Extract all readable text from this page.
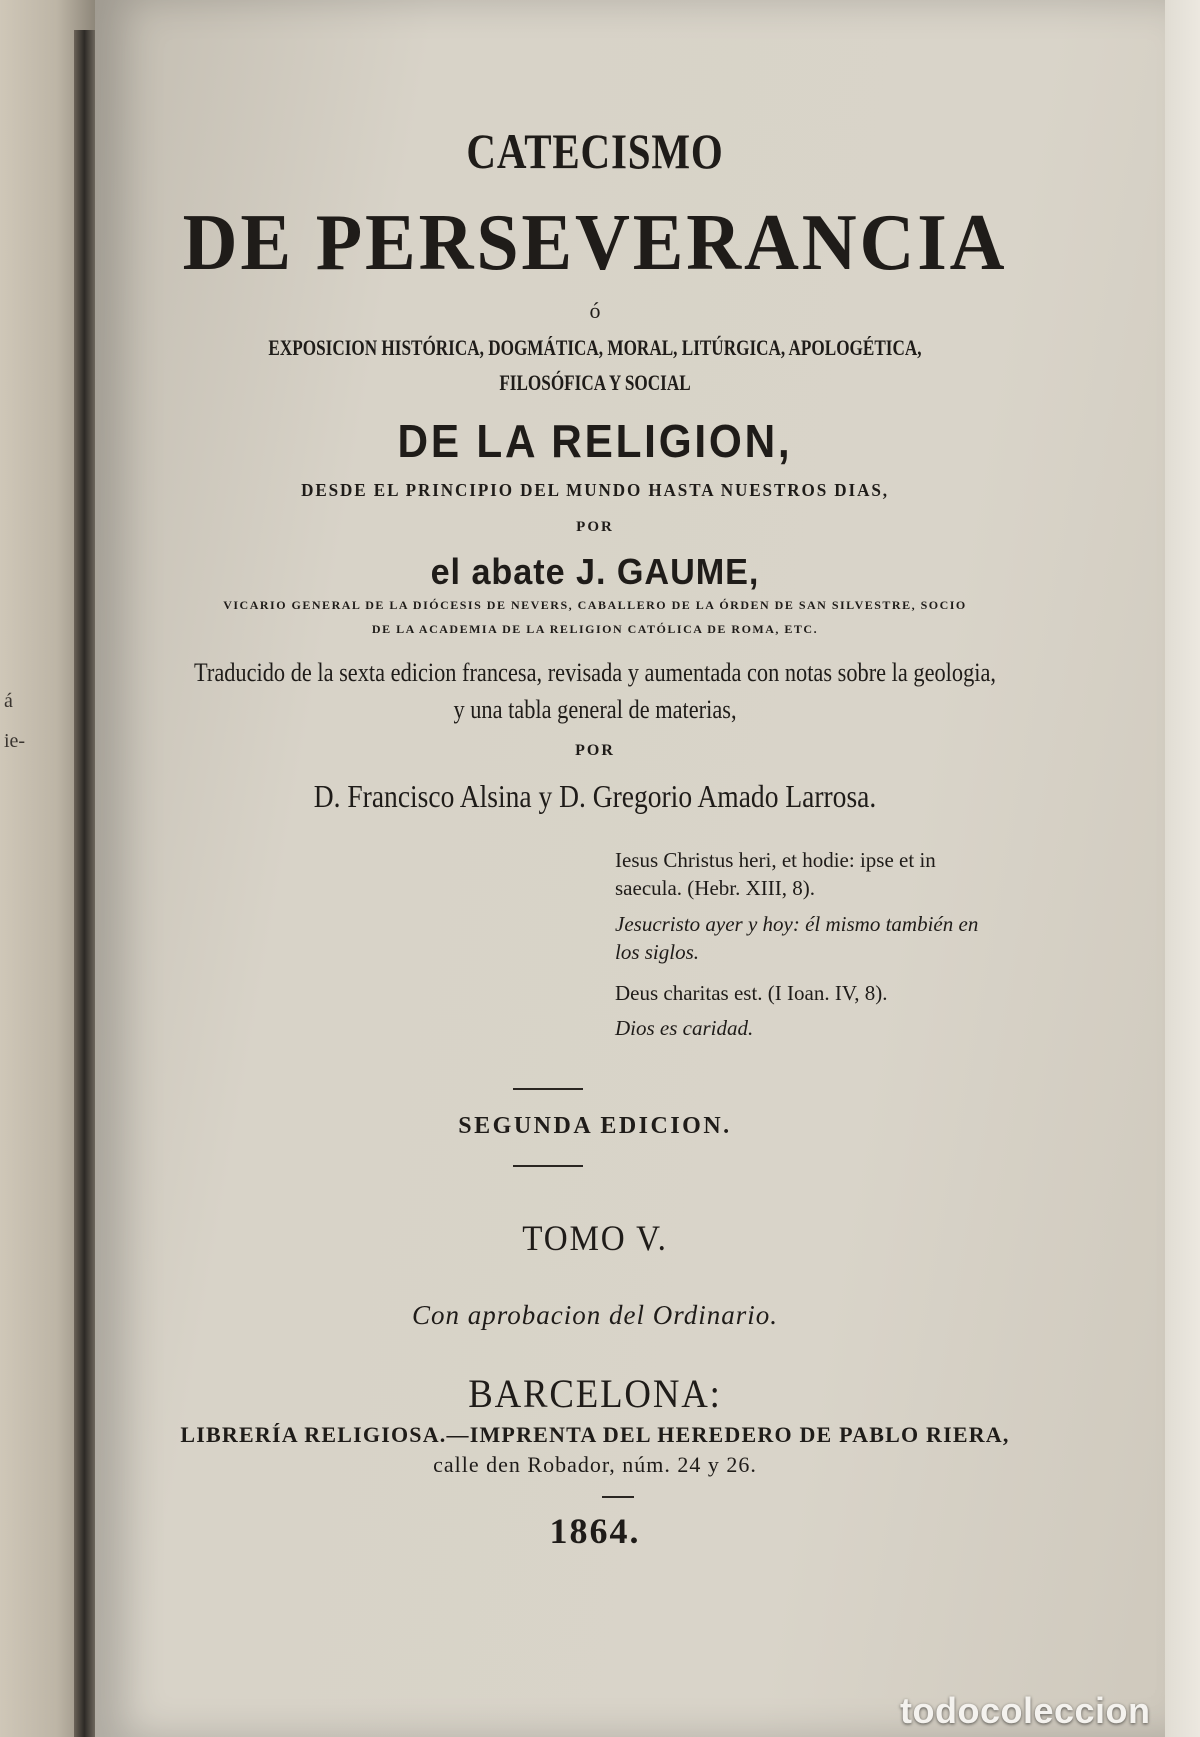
á
ie-
CATECISMO
DE PERSEVERANCIA
ó
EXPOSICION HISTÓRICA, DOGMÁTICA, MORAL, LITÚRGICA, APOLOGÉTICA,
FILOSÓFICA Y SOCIAL
DE LA RELIGION,
DESDE EL PRINCIPIO DEL MUNDO HASTA NUESTROS DIAS,
POR
el abate J. GAUME,
VICARIO GENERAL DE LA DIÓCESIS DE NEVERS, CABALLERO DE LA ÓRDEN DE SAN SILVESTRE, SOCIO
DE LA ACADEMIA DE LA RELIGION CATÓLICA DE ROMA, ETC.
Traducido de la sexta edicion francesa, revisada y aumentada con notas sobre la geologia,
y una tabla general de materias,
POR
D. Francisco Alsina y D. Gregorio Amado Larrosa.
Iesus Christus heri, et hodie: ipse et in saecula. (Hebr. XIII, 8).
Jesucristo ayer y hoy: él mismo también en los siglos.
Deus charitas est. (I Ioan. IV, 8).
Dios es caridad.
SEGUNDA EDICION.
TOMO V.
Con aprobacion del Ordinario.
BARCELONA:
LIBRERÍA RELIGIOSA.—IMPRENTA DEL HEREDERO DE PABLO RIERA,
calle den Robador, núm. 24 y 26.
1864.
todocoleccion
